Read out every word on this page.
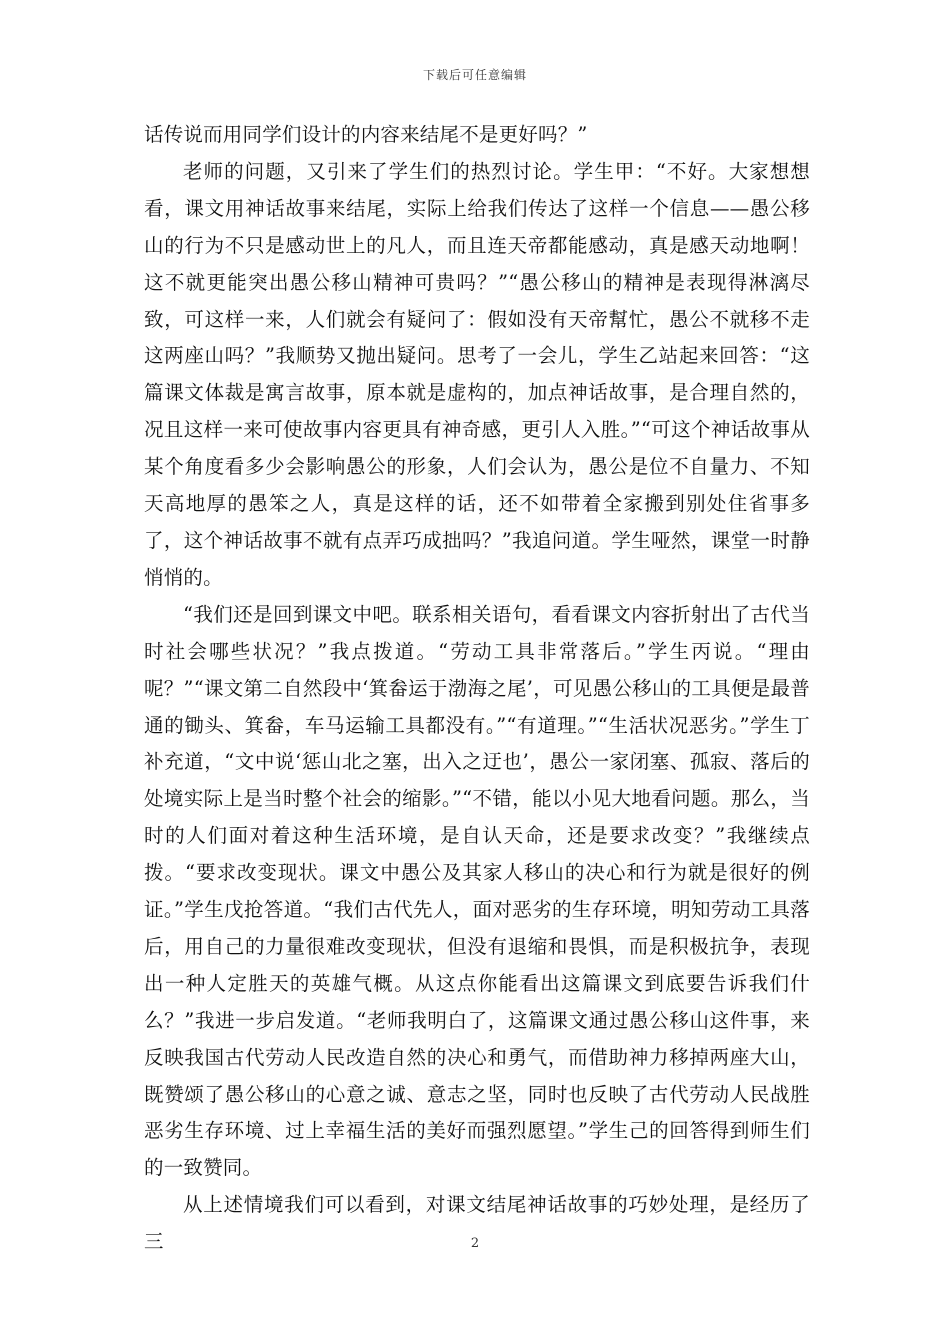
下载后可任意编辑

话传说而用同学们设计的内容来结尾不是更好吗？”

老师的问题，又引来了学生们的热烈讨论。学生甲：“不好。大家想想看，课文用神话故事来结尾，实际上给我们传达了这样一个信息——愚公移山的行为不只是感动世上的凡人，而且连天帝都能感动，真是感天动地啊！这不就更能突出愚公移山精神可贵吗？”“愚公移山的精神是表现得淋漓尽致，可这样一来，人们就会有疑问了：假如没有天帝幫忙，愚公不就移不走这两座山吗？”我顺势又抛出疑问。思考了一会儿，学生乙站起来回答：“这篇课文体裁是寓言故事，原本就是虚构的，加点神话故事，是合理自然的，况且这样一来可使故事内容更具有神奇感，更引人入胜。”“可这个神话故事从某个角度看多少会影响愚公的形象，人们会认为，愚公是位不自量力、不知天高地厚的愚笨之人，真是这样的话，还不如带着全家搬到别处住省事多了，这个神话故事不就有点弄巧成拙吗？”我追问道。学生哑然，课堂一时静悄悄的。

“我们还是回到课文中吧。联系相关语句，看看课文内容折射出了古代当时社会哪些状况？”我点拨道。“劳动工具非常落后。”学生丙说。“理由呢？”“课文第二自然段中‘箕畚运于渤海之尾’，可见愚公移山的工具便是最普通的锄头、箕畚，车马运输工具都没有。”“有道理。”“生活状况恶劣。”学生丁补充道，“文中说‘惩山北之塞，出入之迂也’，愚公一家闭塞、孤寂、落后的处境实际上是当时整个社会的缩影。”“不错，能以小见大地看问题。那么，当时的人们面对着这种生活环境，是自认天命，还是要求改变？”我继续点拨。“要求改变现状。课文中愚公及其家人移山的决心和行为就是很好的例证。”学生戊抢答道。“我们古代先人，面对恶劣的生存环境，明知劳动工具落后，用自己的力量很难改变现状，但没有退缩和畏惧，而是积极抗争，表现出一种人定胜天的英雄气概。从这点你能看出这篇课文到底要告诉我们什么？”我进一步启发道。“老师我明白了，这篇课文通过愚公移山这件事，来反映我国古代劳动人民改造自然的决心和勇气，而借助神力移掉两座大山，既赞颂了愚公移山的心意之诚、意志之坚，同时也反映了古代劳动人民战胜恶劣生存环境、过上幸福生活的美好而强烈愿望。”学生己的回答得到师生们的一致赞同。

从上述情境我们可以看到，对课文结尾神话故事的巧妙处理，是经历了三	2
